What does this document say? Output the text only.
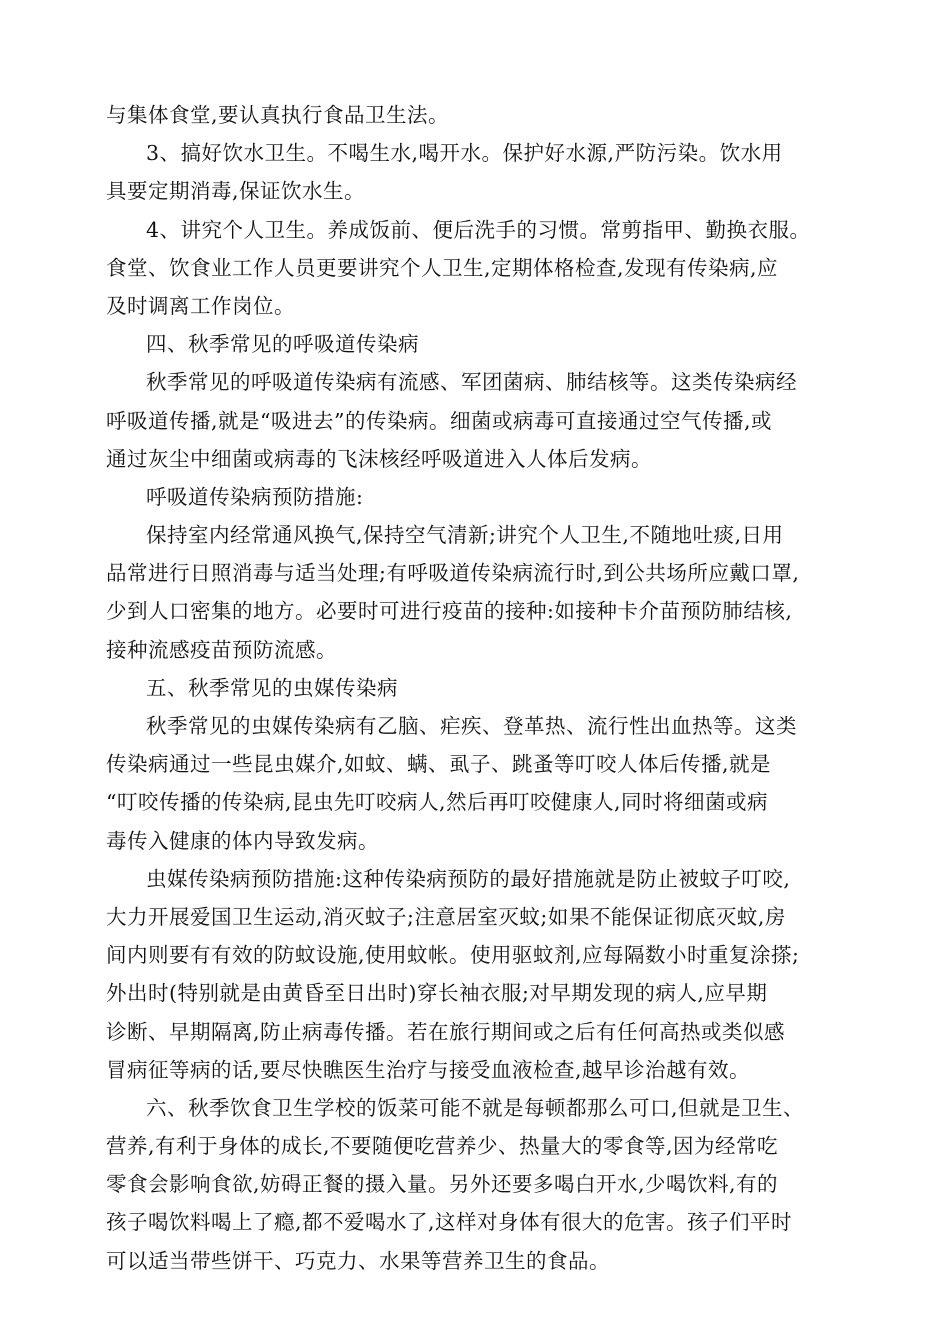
与集体食堂,要认真执行食品卫生法。
3、搞好饮水卫生。不喝生水,喝开水。保护好水源,严防污染。饮水用
具要定期消毒,保证饮水生。
4、讲究个人卫生。养成饭前、便后洗手的习惯。常剪指甲、勤换衣服。
食堂、饮食业工作人员更要讲究个人卫生,定期体格检查,发现有传染病,应
及时调离工作岗位。
四、秋季常见的呼吸道传染病
秋季常见的呼吸道传染病有流感、军团菌病、肺结核等。这类传染病经
呼吸道传播,就是“吸进去”的传染病。细菌或病毒可直接通过空气传播,或
通过灰尘中细菌或病毒的飞沫核经呼吸道进入人体后发病。
呼吸道传染病预防措施:
保持室内经常通风换气,保持空气清新;讲究个人卫生,不随地吐痰,日用
品常进行日照消毒与适当处理;有呼吸道传染病流行时,到公共场所应戴口罩,
少到人口密集的地方。必要时可进行疫苗的接种:如接种卡介苗预防肺结核,
接种流感疫苗预防流感。
五、秋季常见的虫媒传染病
秋季常见的虫媒传染病有乙脑、疟疾、登革热、流行性出血热等。这类
传染病通过一些昆虫媒介,如蚊、螨、虱子、跳蚤等叮咬人体后传播,就是
“叮咬传播的传染病,昆虫先叮咬病人,然后再叮咬健康人,同时将细菌或病
毒传入健康的体内导致发病。
虫媒传染病预防措施:这种传染病预防的最好措施就是防止被蚊子叮咬,
大力开展爱国卫生运动,消灭蚊子;注意居室灭蚊;如果不能保证彻底灭蚊,房
间内则要有有效的防蚊设施,使用蚊帐。使用驱蚊剂,应每隔数小时重复涂搽;
外出时(特别就是由黄昏至日出时)穿长袖衣服;对早期发现的病人,应早期
诊断、早期隔离,防止病毒传播。若在旅行期间或之后有任何高热或类似感
冒病征等病的话,要尽快瞧医生治疗与接受血液检查,越早诊治越有效。
六、秋季饮食卫生学校的饭菜可能不就是每顿都那么可口,但就是卫生、
营养,有利于身体的成长,不要随便吃营养少、热量大的零食等,因为经常吃
零食会影响食欲,妨碍正餐的摄入量。另外还要多喝白开水,少喝饮料,有的
孩子喝饮料喝上了瘾,都不爱喝水了,这样对身体有很大的危害。孩子们平时
可以适当带些饼干、巧克力、水果等营养卫生的食品。
